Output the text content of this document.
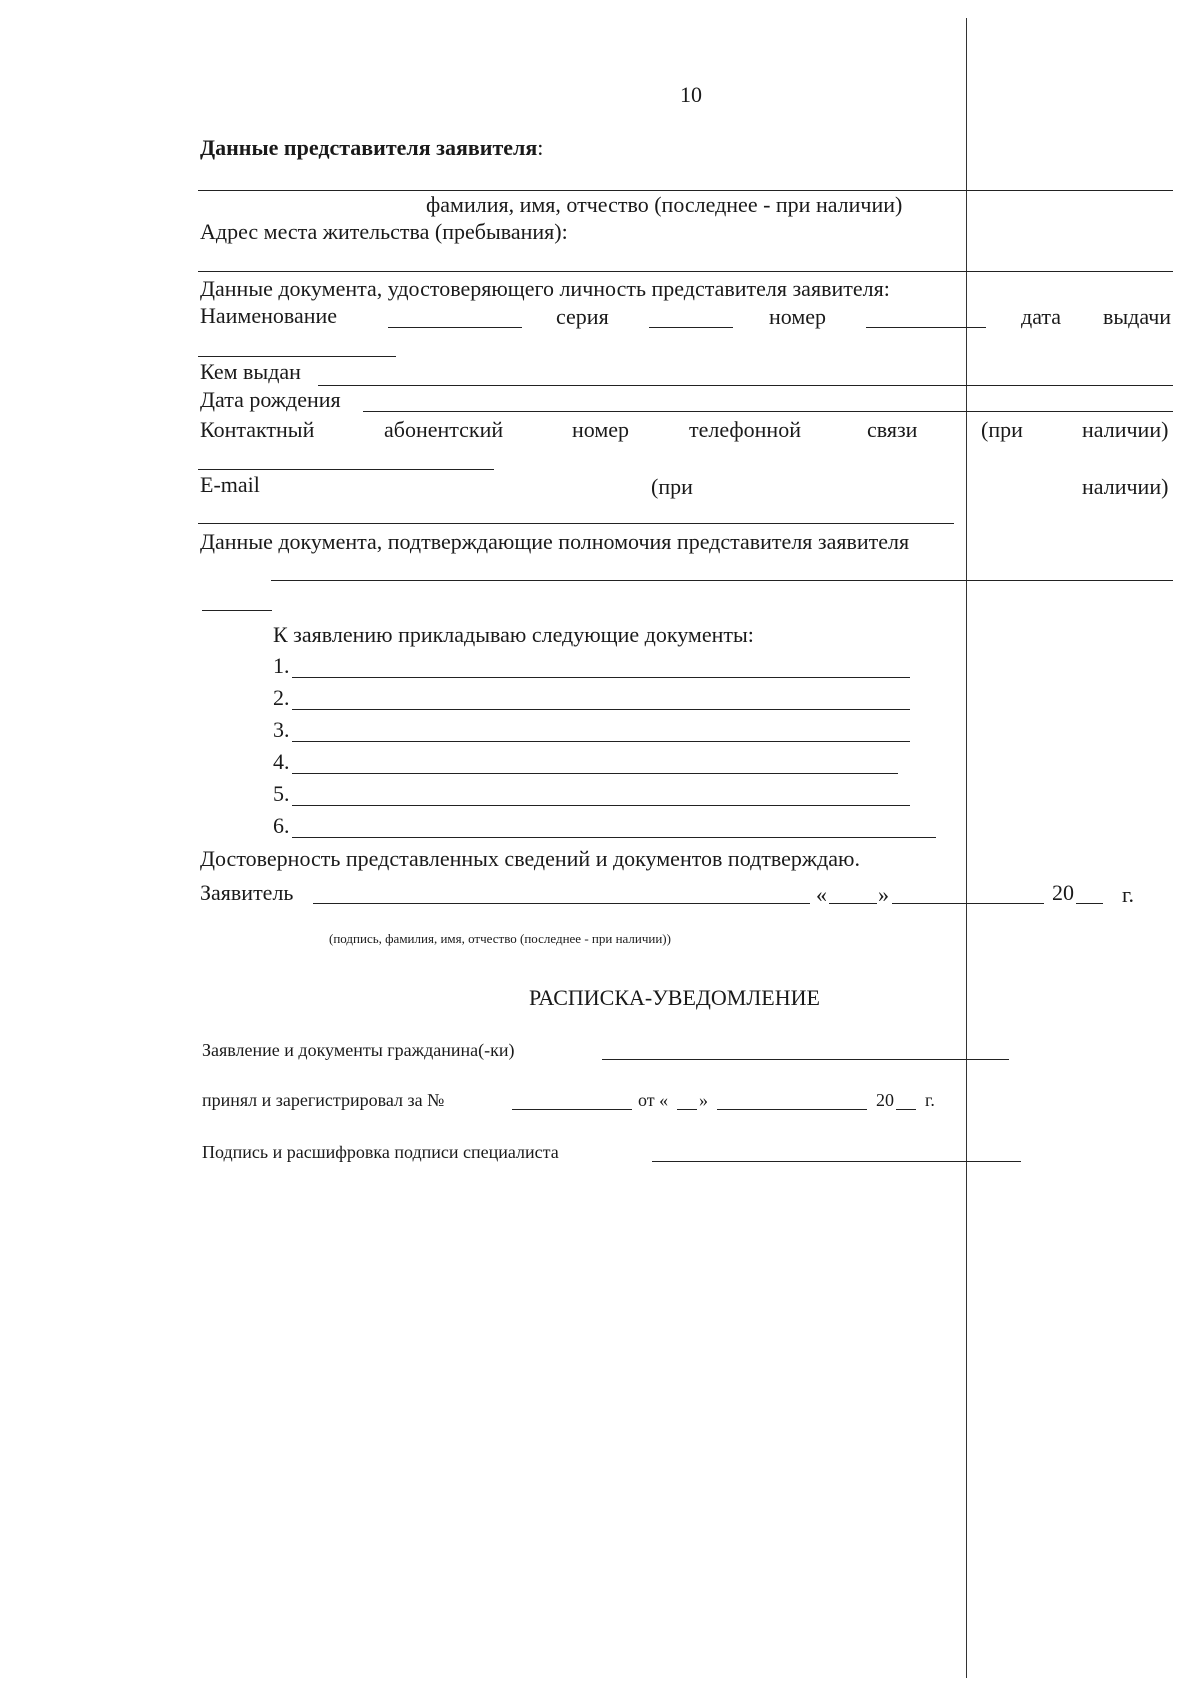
10
Данные представителя заявителя:
фамилия, имя, отчество (последнее - при наличии)
Адрес места жительства (пребывания):
Данные документа, удостоверяющего личность представителя заявителя:
Наименование	серия	номер	дата выдачи
Кем выдан
Дата рождения
Контактный	абонентский	номер	телефонной	связи	(при	наличии)
E-mail	(при	наличии)
Данные документа, подтверждающие полномочия представителя заявителя
К заявлению прикладываю следующие документы:
1.
2.
3.
4.
5.
6.
Достоверность представленных сведений и документов подтверждаю.
Заявитель	« »	20 г.
(подпись, фамилия, имя, отчество (последнее - при наличии))
РАСПИСКА-УВЕДОМЛЕНИЕ
Заявление и документы гражданина(-ки)
принял и зарегистрировал за №	от « »	20 г.
Подпись и расшифровка подписи специалиста
